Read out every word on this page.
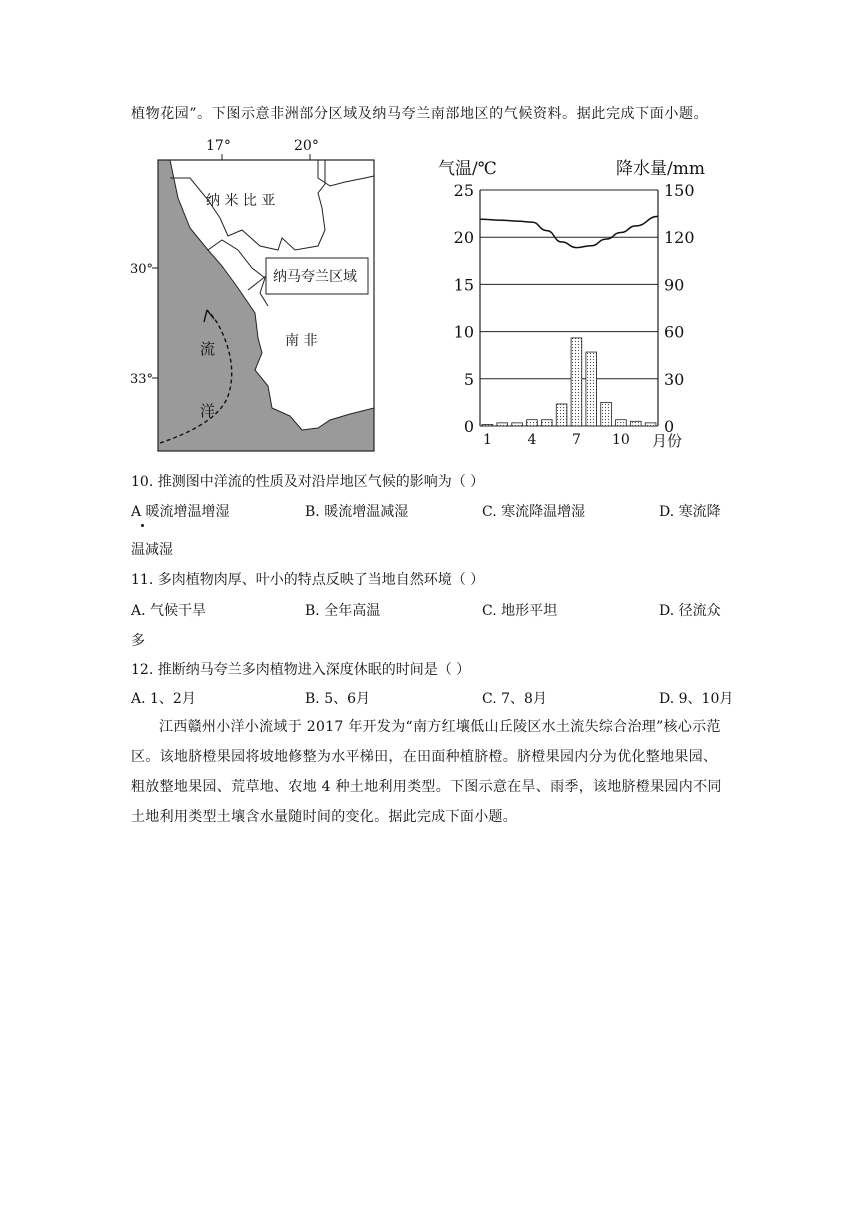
植物花园”。下图示意非洲部分区域及纳马夸兰南部地区的气候资料。据此完成下面小题。
17°	20°
30°
33°
纳 米 比 亚
纳马夸兰区域
南 非
流
洋
气温/℃	降水量/mm
25
20
15
10
5
0
150
120
90
60
30
0
1	4	7 10 月份
10. 推测图中洋流的性质及对沿岸地区气候的影响为（ ）
A 暖流增温增湿	B. 暖流增温减湿	C. 寒流降温增湿	D. 寒流降
温减湿
11. 多肉植物肉厚、叶小的特点反映了当地自然环境（ ）
A. 气候干旱	B. 全年高温	C. 地形平坦	D. 径流众
多
12. 推断纳马夸兰多肉植物进入深度休眠的时间是（ ）
A. 1、2月	B. 5、6月	C. 7、8月	D. 9、10月
江西赣州小洋小流域于 2017 年开发为“南方红壤低山丘陵区水土流失综合治理”核心示范区。该地脐橙果园将坡地修整为水平梯田，在田面种植脐橙。脐橙果园内分为优化整地果园、粗放整地果园、荒草地、农地 4 种土地利用类型。下图示意在旱、雨季，该地脐橙果园内不同土地利用类型土壤含水量随时间的变化。据此完成下面小题。
